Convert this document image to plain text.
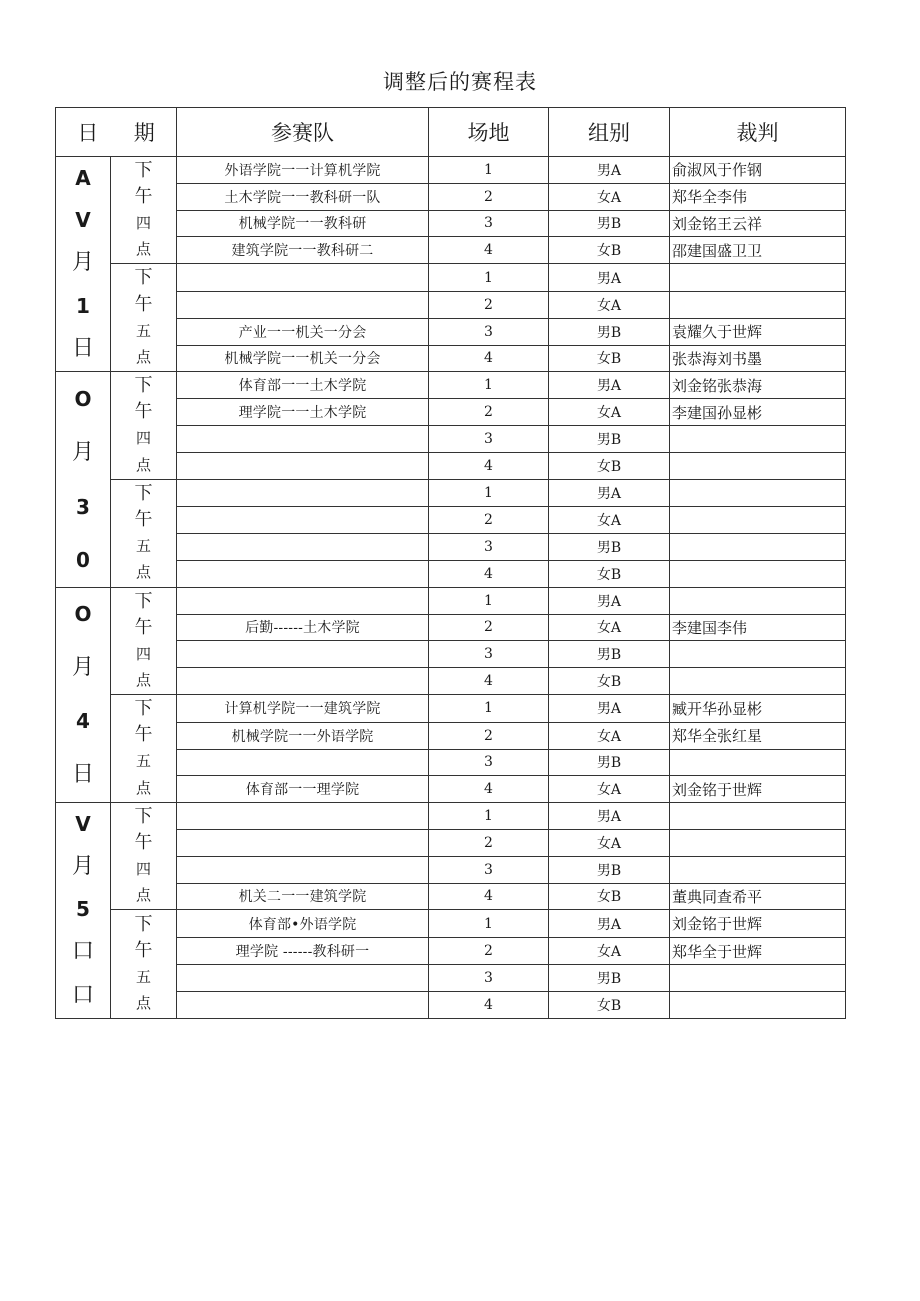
调整后的赛程表
日 期		参赛队	场地	组别	裁判

A
V
月
1
日	下
午
四
点	外语学院一一计算机学院	1	男A	俞淑风于作钢
		土木学院一一教科研一队	2	女A	郑华全李伟
		机械学院一一教科研	3	男B	刘金铭王云祥
		建筑学院一一教科研二	4	女B	邵建国盛卫卫

	下
午
五
点		1	男A	
			2	女A	
		产业一一机关一分会	3	男B	袁耀久于世辉
		机械学院一一机关一分会	4	女B	张恭海刘书墨

O
月
3
0	下
午
四
点	体育部一一土木学院	1	男A	刘金铭张恭海
		理学院一一土木学院	2	女A	李建国孙显彬
			3	男B	
			4	女B	

	下
午
五
点		1	男A	
			2	女A	
			3	男B	
			4	女B	

O
月
4
日	下
午
四
点		1	男A	
		后勤------土木学院	2	女A	李建国李伟
			3	男B	
			4	女B	

	下
午
五
点	计算机学院一一建筑学院	1	男A	臧开华孙显彬
		机械学院一一外语学院	2	女A	郑华全张红星
			3	男B	
		体育部一一理学院	4	女A	刘金铭于世辉

V
月
5
口
口	下
午
四
点		1	男A	
			2	女A	
			3	男B	
		机关二一一建筑学院	4	女B	董典同查希平

	下
午
五
点	体育部•外语学院	1	男A	刘金铭于世辉
		理学院 ------教科研一	2	女A	郑华全于世辉
			3	男B	
			4	女B	
